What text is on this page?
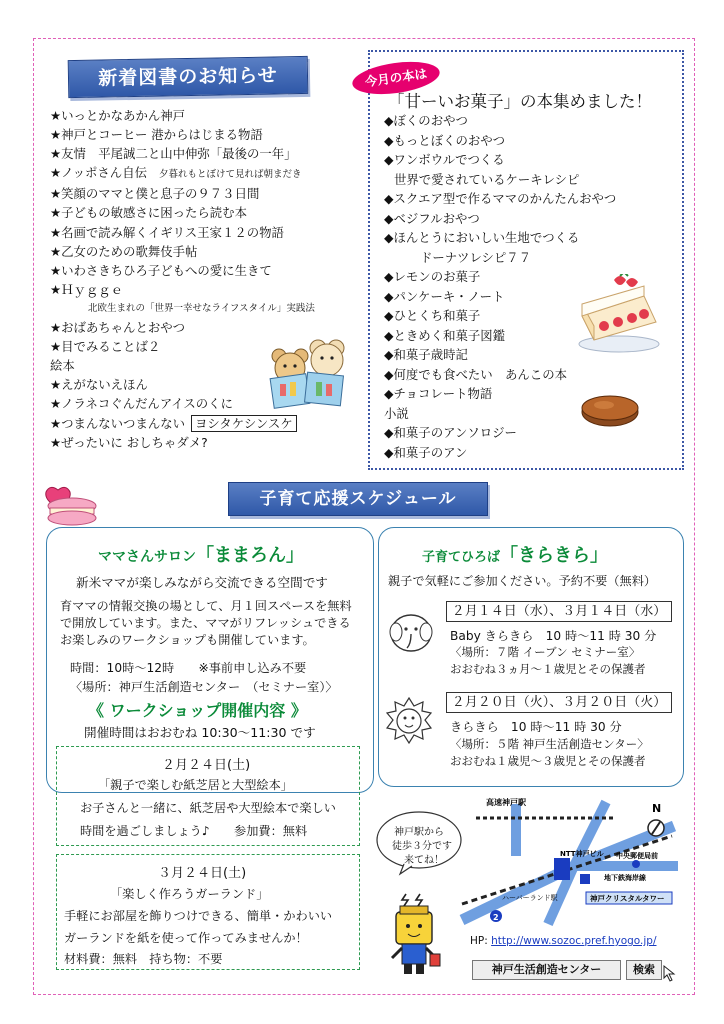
新着図書のお知らせ
★いっとかなあかん神戸
★神戸とコーヒー 港からはじまる物語
★友情　平尾誠二と山中伸弥「最後の一年」
★ノッポさん自伝 夕暮れもとぼけて見れば朝まだき
★笑顔のママと僕と息子の９７３日間
★子どもの敏感さに困ったら読む本
★名画で読み解くイギリス王家１２の物語
★乙女のための歌舞伎手帖
★いわさきちひろ子どもへの愛に生きて
★Ｈｙｇｇｅ
北欧生まれの「世界一幸せなライフスタイル」実践法
★おばあちゃんとおやつ
★目でみることば２
絵本
★えがないえほん
★ノラネコぐんだんアイスのくに
★つまんないつまんない ヨシタケシンスケ
★ぜったいに おしちゃダメ?
今月の本は
「甘ーいお菓子」の本集めました！
◆ぼくのおやつ
◆もっとぼくのおやつ
◆ワンボウルでつくる
世界で愛されているケーキレシピ
◆スクエア型で作るママのかんたんおやつ
◆ベジフルおやつ
◆ほんとうにおいしい生地でつくる
ドーナツレシピ７７
◆レモンのお菓子
◆パンケーキ・ノート
◆ひとくち和菓子
◆ときめく和菓子図鑑
◆和菓子歳時記
◆何度でも食べたい　あんこの本
◆チョコレート物語
小説
◆和菓子のアンソロジー
◆和菓子のアン
子育て応援スケジュール
ママさんサロン「ままろん」
新米ママが楽しみながら交流できる空間です
育ママの情報交換の場として、月１回スペースを無料
で開放しています。また、ママがリフレッシュできる
お楽しみのワークショップも開催しています。
時間：10時～12時　　※事前申し込み不要
〈場所：神戸生活創造センター　（セミナー室）〉
《 ワークショップ開催内容 》
開催時間はおおむね 10:30～11:30 です
２月２４日(土)
「親子で楽しむ紙芝居と大型絵本」
お子さんと一緒に、紙芝居や大型絵本で楽しい
時間を過ごしましょう♪　　参加費：無料
３月２４日(土)
「楽しく作ろうガーランド」
手軽にお部屋を飾りつけできる、簡単・かわいい
ガーランドを紙を使って作ってみませんか！
材料費：無料　持ち物：不要
子育てひろば「きらきら」
親子で気軽にご参加ください。予約不要（無料）
２月１４日（水）、３月１４日（水）
Baby きらきら　10 時～11 時 30 分
〈場所：７階 イーブン セミナー室〉
おおむね３ヵ月～１歳児とその保護者
２月２０日（火）、３月２０日（火）
きらきら　10 時～11 時 30 分
〈場所：５階 神戸生活創造センター〉
おおむね１歳児～３歳児とその保護者
神戸駅から
徒歩３分です
来てね！
N
高速神戸駅
NTT神戸ビル 中央郵便局前
地下鉄海岸線
JR神戸駅
ハーバーランド駅	神戸クリスタルタワー
2
HP: http://www.sozoc.pref.hyogo.jp/
神戸生活創造センター	検索
